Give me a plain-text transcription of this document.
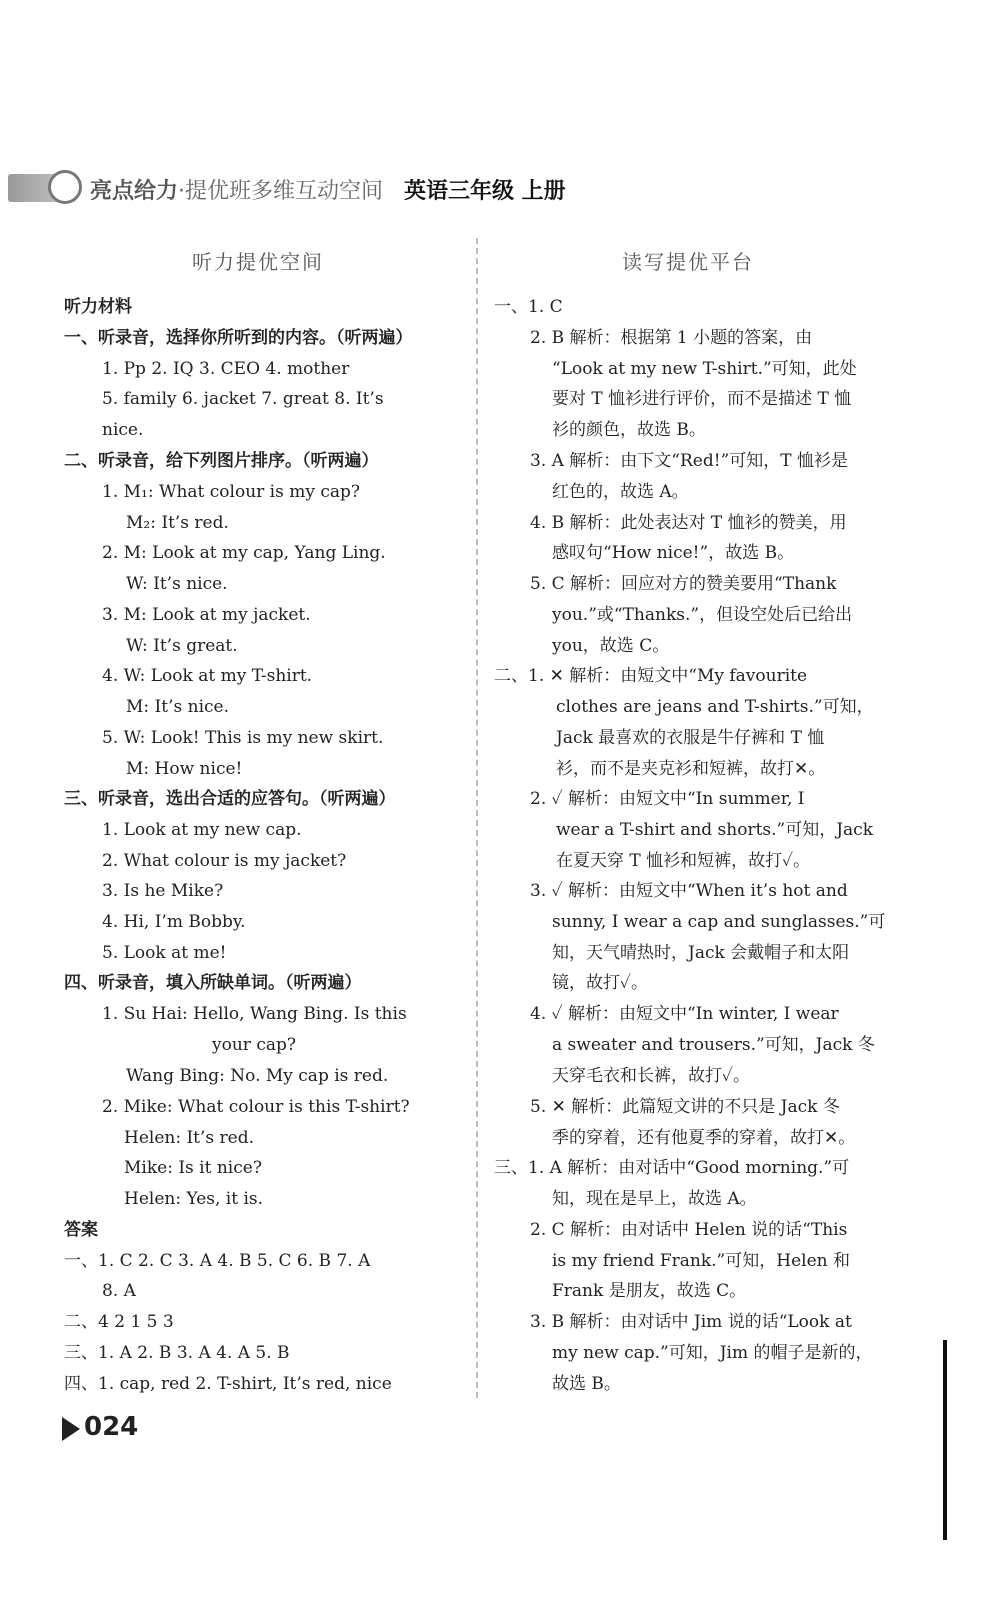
亮点给力·提优班多维互动空间 英语三年级 上册
听力提优空间	读写提优平台
听力材料
一、听录音，选择你所听到的内容。（听两遍）
1. Pp 2. IQ 3. CEO 4. mother
5. family 6. jacket 7. great 8. It’s
nice.
二、听录音，给下列图片排序。（听两遍）
1. M₁: What colour is my cap?
M₂: It’s red.
2. M: Look at my cap, Yang Ling.
W: It’s nice.
3. M: Look at my jacket.
W: It’s great.
4. W: Look at my T-shirt.
M: It’s nice.
5. W: Look! This is my new skirt.
M: How nice!
三、听录音，选出合适的应答句。（听两遍）
1. Look at my new cap.
2. What colour is my jacket?
3. Is he Mike?
4. Hi, I’m Bobby.
5. Look at me!
四、听录音，填入所缺单词。（听两遍）
1. Su Hai: Hello, Wang Bing. Is this
your cap?
Wang Bing: No. My cap is red.
2. Mike: What colour is this T-shirt?
Helen: It’s red.
Mike: Is it nice?
Helen: Yes, it is.
答案
一、1. C 2. C 3. A 4. B 5. C 6. B 7. A
8. A
二、4 2 1 5 3
三、1. A 2. B 3. A 4. A 5. B
四、1. cap, red 2. T-shirt, It’s red, nice
一、1. C
2. B 解析：根据第 1 小题的答案，由
“Look at my new T-shirt.”可知，此处
要对 T 恤衫进行评价，而不是描述 T 恤
衫的颜色，故选 B。
3. A 解析：由下文“Red!”可知，T 恤衫是
红色的，故选 A。
4. B 解析：此处表达对 T 恤衫的赞美，用
感叹句“How nice!”，故选 B。
5. C 解析：回应对方的赞美要用“Thank
you.”或“Thanks.”，但设空处后已给出
you，故选 C。
二、1. ✕ 解析：由短文中“My favourite
clothes are jeans and T-shirts.”可知，
Jack 最喜欢的衣服是牛仔裤和 T 恤
衫，而不是夹克衫和短裤，故打✕。
2. ✓ 解析：由短文中“In summer, I
wear a T-shirt and shorts.”可知，Jack
在夏天穿 T 恤衫和短裤，故打✓。
3. ✓ 解析：由短文中“When it’s hot and
sunny, I wear a cap and sunglasses.”可
知，天气晴热时，Jack 会戴帽子和太阳
镜，故打✓。
4. ✓ 解析：由短文中“In winter, I wear
a sweater and trousers.”可知，Jack 冬
天穿毛衣和长裤，故打✓。
5. ✕ 解析：此篇短文讲的不只是 Jack 冬
季的穿着，还有他夏季的穿着，故打✕。
三、1. A 解析：由对话中“Good morning.”可
知，现在是早上，故选 A。
2. C 解析：由对话中 Helen 说的话“This
is my friend Frank.”可知，Helen 和
Frank 是朋友，故选 C。
3. B 解析：由对话中 Jim 说的话“Look at
my new cap.”可知，Jim 的帽子是新的，
故选 B。
024
